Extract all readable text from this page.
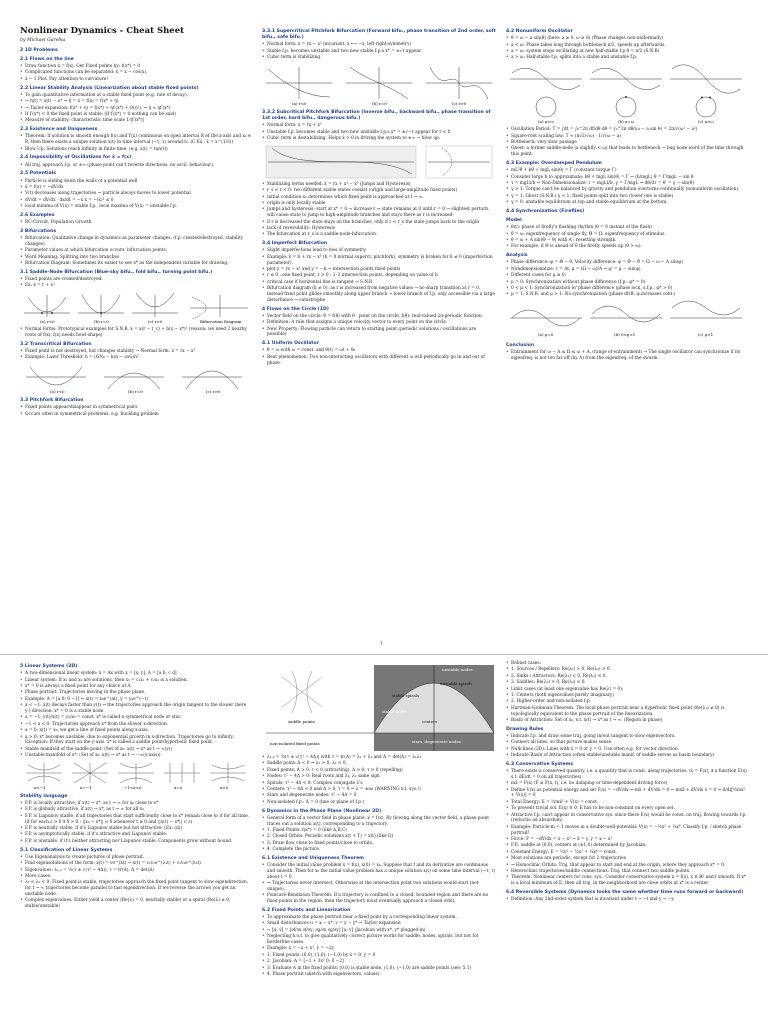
Nonlinear Dynamics - Cheat Sheet
by Michael Garelka
2 1D Problems
2.1 Flows on the line
• Draw function ẋ = f(x). Get Fixed points by: f(x*) = 0
• Complicated functions can be separated: ẋ = x − cos(x).
• ẋ − 1 Plot. Pay attention to curvature!
2.2 Linear Stability Analysis (Linearization about stable fixed points)
• To gain quantitative information at a stable fixed point (e.g. rate of decay).
• → η(t) = x(t) − x* ⇒ η̇ = ẋ = f(x) = f(x* + η)
• → Taylor expansion: f(x* + η) = f(x*) + ηf′(x*) + O(η²), ⇒ η̇ ≈ ηf′(x*)
• If f′(x*) < 0 the fixed point is stable. (If f′(x*) = 0 nothing can be said)
• Measure of stability: characteristic time scale 1/|f′(x*)|
2.3 Existence and Uniqueness
• Theorem: If solution is smooth enough f(x) and f′(x) continuous on open interval R of the x-axis and x₀ ∈ R, then there exists a unique solution x(t) in time interval (−τ, τ) around t₀. (C.Ex.: ẋ = x^(1/3))
• Blow Up: Solutions reach infinity in finite time. (e.g. ẋ(t) = tan(t))
2.4 Impossibility of Oscillations for ẋ = f(x)
• All traj. approach f.p. or ±∞ (phase point can't reverse directions, no oscil. behaviour).
2.5 Potentials
• Particle is sliding down the walls of a potential well
• ẋ = f(x) = −dV/dx
• V(t) decreases along trajectories → particle always moves to lower potential
• dV/dt = dV/dx · dx/dt = −ẋ ẋ = −(ẋ)² ≤ 0
• local minima of V(x) = stable f.p., local maxima of V(x) = unstable f.p.
2.6 Examples
• RC-Circuit, Population Growth
3 Bifurcations
• Bifurcation: Qualitative change in dynamics as parameter changes. (f.p. created/destroyed, stability changes)
• Parameter values at which bifurcation occurs: bifurcation points.
• Word Meaning: Splitting into two branches
• Bifurcation Diagram: Sometimes its easier to see x* as the independent variable for drawing.
3.1 Saddle-Node Bifurcation (Blue-sky bifu., fold bifu., turning point bifu.)
• Fixed points are created/destroyed.
• Ex: ẋ = r + x²
(a) r<0	(b) r=0	(c) r>0	Bifurcation Diagram
• Normal forms: Prototypical examples for S.N.B. ẋ = a(r − r_c) + b(x − x*)² (reason: we need 2 nearby roots of f(x), f(x) needs bowl-shape)
3.2 Transcritical Bifurcation
• Fixed point is not destroyed, but changes stability → Normal form: ẋ = rx − x²
• Example: Laser Threshold: ṅ = (GN₀ − k)n − (αG)n²
(a) r<0	(b) r=0	(c) r>0
3.3 Pitchfork Bifurcation
• Fixed points appear/disappear in symmetrical pairs
• Occurs often in symmetrical problems, e.g. buckling problem
3.3.1 Supercritical Pitchfork Bifurcation (Forward bifu., phase transition of 2nd order, soft bifu., safe bifu.)
• Normal form: ẋ = rx − x³ (invariant: x ⟼ −x, left-right-symmetry)
• Stable f.p. becomes unstable and two new stable f.p.s x* = ±√r appear.
• Cubic term is stabilizing.
(a) r<0	(b) r=0	(c) r>0
3.3.2 Subcritical Pitchfork Bifurcation (Inverse bifu., backward bifu., phase transition of 1st order, hard bifu., dangerous bifu.)
• Normal form: ẋ = rx + x³
• Unstable f.p. becomes stable and two new unstable f.p.s x* = ±√−r appear for r < 0
• Cubic term is destabilizing. Helps ẋ > 0 in driving the system to ±∞ → blow up.
• Stabilizing terms needed: ẋ = rx + x³ − x⁵ (Jumps and Hysteresis)
• r_s < r < 0: two different stable states coexist (origin and large-amplitude fixed points)
• initial condition x₀ determines which fixed point is approached at t → ∞.
• origin is only locally stable
• Jumps and hysteresis: start at x* = 0 → increase r → state remains at 0 until r = 0 → slightest perturb. will cause state to jump to high-amplitude branches and stays there as r is increased
• if r is decreased the state stays on the branches, only if r < r_s the state jumps back to the origin
• lack of reversibility: Hysteresis
• The bifurcation at r_s is a saddle-node-bifurcation.
3.4 Imperfect Bifurcation
• Slight imperfections lead to loss of symmetry.
• Example: ẋ = h + rx − x³ (h = 0 normal supercr. pitchfork), symmetry is broken for h ≠ 0 (imperfection parameter).
• plot y = rx − x³ and y = −h → intersection points fixed points
• r ≤ 0 : one fixed point, r > 0 : 1–3 intersection points, depending on value of h
• critical case if horizontal line is tangent → S.N.B.
• Bifurcation diagram (h ≠ 0): as r is increased from negative values → no sharp transition at r = 0, instead fixed point glides smoothly along upper branch → lower branch of f.p. only accessible via a large disturbance → catastrophe
4 Flows on the Circle (1D)
• Vector field on the circle: θ̇ = f(θ) with θ · point on the circle, f(θ): real-valued 2π-periodic function.
• Definition: A rule that assigns a unique velocity vector to every point on the circle.
• New Property: Flowing particle can return to starting point (periodic solutions / oscillations are possible)
4.1 Uniform Oscillator
• θ̇ = ω with ω = const. and θ(t) = ωt + θ₀
• Beat phenomenon: Two non-interacting oscillators with different ω will periodically go in and out of phase.
4.2 Nonuniform Oscillator
• θ̇ = ω − a sin(θ) (here: a ≥ 0, ω ≥ 0) (Phase changes non-uniformally)
• a < ω: Phase takes long through bottleneck π/2, speeds up afterwards.
• a = ω: system stops oscillating at new half-stable f.p θ = π/2 (S.N.B)
• a > ω: Half-stable f.p. splits into a stable and unstable f.p.
(a) a<ω	(b) a=ω	(c) a>ω
• Oscillation Period: T = ∫dt = ∫₀^2π dt/dθ dθ = ∫₀^2π dθ/(ω − a sin θ) = 2π/√(ω² − a²)
• Square-root scaling law: T ≈ (π√2/√ω) · 1/√(ω − a)
• Bottleneck: very slow passage
• Ghost: a former saddle-node (a slightly < ω) that leads to bottleneck → bug node word of the time through this point.
4.3 Example: Overdamped Pendulum
• mL²θ̈ + bθ̇ + mgL sin(θ) = Γ (constant torque Γ)
• Consider large b to approximate: bθ̇ + mgL sin(θ) = Γ ⇒ (b/mgL) θ̇ = Γ/mgL − sin θ
• τ = mgLt/b ⇒ Non-Dimensionalize: τ = mgLt/b, γ = Γ/mgL ⇒ dθ/dτ = θ′ = γ − sin(θ)
• γ > 1: Torque can't be balanced by gravity and pendulum overturns continually (nonuniform oscillation).
• γ = 1: Ghost (S.N.B.) γ < 1: fixed points split into two (lower one is stable).
• γ = 0: unstable equilibrium at top and stable equilibrium at the bottom.
4.4 Synchronization (Fireflies)
Model
• θ(t): phase of firefly's flashing rhythm (θ = 0 instant of the flash)
• θ̇ = ω: eigenfrequency of single fly, Θ̇ = Ω: eigenfrequency of stimulus.
• θ̇ = ω + A sin(Θ − θ) with A : resetting strength
• For example, if Θ is ahead of θ the firefly speeds up (θ̇ > ω).
Analysis
• Phase difference: φ = Θ − θ, Velocity difference: φ̇ = Θ̇ − θ̇ = Ω − ω − A sin(φ)
• Nondimensionalize: τ = At, μ = (Ω − ω)/A ⇒ φ′ = μ − sin(φ)
• Different cases for μ ≥ 0:
• μ = 0: Synchronization without phase difference (f.p.: φ* = 0)
• 0 < μ < 1: Synchronization w/ phase difference (phase lock, s.f.p.: φ* > 0)
• μ = 1: S.N.B. and μ > 1: No synchronization (phase drift, φ increases cont.)
(a) μ=0	(b) 0<μ<1	(c) μ>1
Conclusion
• Entrainment for ω − A ≤ Ω ≤ ω + A. (range of entrainment) → The single oscillator can synchronize if its eigenfreq. is not too far off (by A) from the eigenfreq. of the swarm.
1
5 Linear Systems (2D)
• A two-dimensional linear system: ẋ = Ax with x = [x; y], A = [a b; c d]
• Linear system: If x₁ and x₂ are solutions, then x₃ = c₁x₁ + c₂x₂ is a solution.
• x* = 0 is always a fixed point for any choice of A.
• Phase portrait: Trajectories moving in the phase plane.
• Example: A = [a 0; 0 −1] ⇒ x(t) = x₀e^(at), y = y₀e^(−t)
• a < −1: x(t) decays faster than y(t) → the trajectories approach the origin tangent to the slower (here y-) direction. x* = 0 is a stable node.
• a = −1: y(t)/x(t) = y₀/x₀ = const. x* is called a symmetrical node or star.
• −1 < a < 0: Trajectories approach x* from the slower x-direction.
• a = 0: x(t) = x₀, we get a line of fixed points along x-axis.
• a > 0: x* becomes unstable, due to exponential growth in x-direction. Trajectories go to infinity. Exception: If they start on the y-axis. x* is called a saddle point/hyperbolic fixed point.
• Stable manifold of the saddle point: (Set of x₀: x(t) → x* as t → ∞(y))
• Unstable manifold of x*: (Set of x₀: x(t) → x* as t → −∞(x-axis))
a<−1	a=−1	−1<a<0	a=0	a>0
Stability language
• F.P. is locally attractive, if x(t) → x*, as t → ∞ for x₀ close to x*
• F.P. is globally attractive, if x(t) → x*, as t → ∞ for all x₀
• F.P. is Liapunov stable, if all trajectories that start sufficiently close to x* remain close to it for all time. (if for each ε > 0 ∃ δ > 0 : ||x₀ − x*|| < δ whenever t ≥ 0 and ||x(t) − x*|| < ε)
• F.P. is neutrally stable, if it's Liapunov stable but not attractive. (Ex: (d))
• F.P. is asymptotically stable, if it's attractive and Liapunov stable.
• F.P. is unstable, if it's neither attracting nor Liapunov stable. Components grow without bound.
5.1 Classification of Linear Systems
• Use Eigenanalysis to create pictures of phase portrait.
• Find eigensolutions of the form: x(t) = ve^(λt) → x(t) = c₁v₁e^(λ₁t) + c₂v₂e^(λ₂t)
• Eigenvalues: λ₁,₂ = ½(τ ± √(τ² − 4Δ)), τ = tr(A), Δ = det(A)
• More cases:
• λ₂ < λ₁ < 0: Fixed point is stable, trajectories approach the fixed point tangent to slow eigendirection, for t → ∞ trajectories become parallel to fast eigendirection. If we reverse the arrows you get an unstable node.
• Complex eigenvalues: Either yield a center (Re(λ) = 0, neutrally stable) or a spiral (Re(λ) ≠ 0, stable/unstable)
saddle points
unstable spirals
unstable nodes
centers
stable spirals
stable nodes
stars, degenerate nodes
non-isolated fixed points
• λ₁,₂ = ½(τ ± √(τ² − 4Δ)) with τ = tr(A) = λ₁ + λ₂ and Δ = det(A) = λ₁λ₂
• Saddle point: Δ < 0 ⇒ λ₁ > 0, λ₂ < 0.
• Fixed points: Δ > 0, τ < 0 (attracting), Δ > 0, τ > 0 (repelling)
• Nodes: τ² − 4Δ > 0: Real roots and λ₁, λ₂ same sign
• Spirals: τ² − 4Δ < 0: Complex conjugate λ's
• Centers: τ² − 4Δ < 0 and Δ > 0, τ = 0 ⇒ λ = ±iω (WARNING n.l. sys.!)
• Stars and degenerate nodes: τ² − 4Δ = 0
• Non-isolated f.p.: Δ = 0 (line or plane of f.p.)
6 Dynamics in the Phase Plane (Nonlinear 2D)
• General form of a vector field in phase plane: ẋ = f(x). By flowing along the vector field, a phase point traces out a solution x(t), corresponding to a trajectory.
• 1. Fixed Points: f(x*) = 0 (like A,B,C)
• 2. Closed Orbits: Periodic solutions x(t + T) = x(t) (like D)
• 3. Draw flow close to fixed points/close to orbits.
• 4. Complete the picture.
6.1 Existence and Uniqueness Theorem
• Consider the initial value problem ẋ = f(x), x(0) = x₀. Suppose that f and its derivative are continuous and smooth. Then for x₀ the initial value problem has a unique solution x(t) on some time interval (−τ, τ) about t = 0.
• ⇒ Trajectories never intersect. Otherwise at the intersection point two solutions would start (not unique).
• Poincaré-Bendixson Theorem: If a trajectory is confined to a closed, bounded region and there are no fixed points in the region, then the trajectory must eventually approach a closed orbit.
6.2 Fixed Points and Linearization
• To approximate the phase portrait near a fixed point by a corresponding linear system.
• Small disturbances u = x − x*, v = y − y* → Taylor expansion
• → [u̇; v̇] = [∂f/∂x ∂f/∂y; ∂g/∂x ∂g/∂y] [u; v] (Jacobian with x*, y* plugged-in)
• Neglecting h.o.t. to give qualitatively correct picture works for saddle, nodes, spirals, but not for borderline cases.
• Example: ẋ = −x + x³, ẏ = −2y
• 1. Fixed points: (0,0), (1,0), (−1,0) by ẋ = 0, ẏ = 0
• 2. Jacobian: A = [−1 + 3x² 0; 0 −2]
• 3. Evaluate A in the fixed points: (0,0) is stable node, (1,0), (−1,0) are saddle points (see: 5.1)
• 4. Phase portrait (sketch with eigenvectors, values).
• Robust cases:
• 1. Sources / Repellers: Re(λ₁) > 0, Re(λ₂) > 0.
• 2. Sinks / Attractors: Re(λ₁) < 0, Re(λ₂) < 0.
• 3. Saddles: Re(λ₁) > 0, Re(λ₂) < 0.
• Limit cases (at least one eigenvalue has Re(λ) = 0):
• 1. Centers (both eigenvalues purely imaginary)
• 2. Higher-order and non-isolated f.p.
• Hartman-Grobman-Theorem: The local phase portrait near a hyperbolic fixed point (Re(λ₁) ≠ 0) is topologically equivalent to the phase portrait of the linearization.
• Basin of Attraction: Set of x₀, s.t. x(t) → x* as t → ∞. (Region in phase)
Drawing Rules
• Indicate f.p. and draw some traj. going in/out tangent to slow eigenvectors.
• Connect all lines, so that picture makes sense.
• Nullclines (2D): Lines with ẋ = 0 or ẏ = 0. Use often e.g. for vector direction.
• Indicate Basin of Attraction (often stable/unstable manif. of saddle serves as basin boundary)
6.3 Conservative Systems
• There exists a conserved quantity, i.e. a quantity that is const. along trajectories. (ẋ = F(x), ∃ a function E(x) s.t. dE/dt = 0 on all trajectories)
• mẍ = F(x) (F ≠ F(ẋ, t), i.e. no damping or time-dependent driving force)
• Define V(x) as potential energy and set F(x) = −dV/dx ⇒ mẍ + dV/dx = 0 ⇒ mẋẍ + dV/dx ẋ = 0 ⇒ d/dt[½mẋ² + V(x)] = 0
• Total Energy: E = ½mẋ² + V(x) = const.
• To prevent trivial sol. E(x) ≡ 0, E has to be non-constant on every open set.
• Attractive f.p. can't appear in conservative sys. since there E(x) would be const. on traj. flowing towards f.p. (reductio ad absurdum)
• Example: Particle m = 1 moves in a double-well-potential: V(x) = −½x² + ¼x⁴. Classify f.p. / sketch phase portrait!
• Force: F = −dV/dx = x − x³ ⇒ ẋ = y, ẏ = x − x³
• F.P.: saddle at (0,0), centers at (±1,0) determined by Jacobian.
• Constant Energy: E = ½y² − ½x² + ¼x⁴ = const.
• Most solutions are periodic, except for 2 trajectories
• ⇒ Homoclinic Orbits: Traj. that appear to start and end at the origin, where they approach x* = 0.
• Heteroclinic trajectories/saddle connections: Traj. that connect two saddle points.
• Theorem: Nonlinear centers for cons. sys.: Consider conservative system ẋ = f(x), x ∈ ℝ² and f smooth. If x* is a local minimum of E, then all traj. in the neighborhood are close orbits at x* is a center.
6.4 Reversible Systems (Dynamics looks the same whether time runs forward or backward)
• Definition: Any 2nd-order system that is invariant under t → −t and y → −y.
